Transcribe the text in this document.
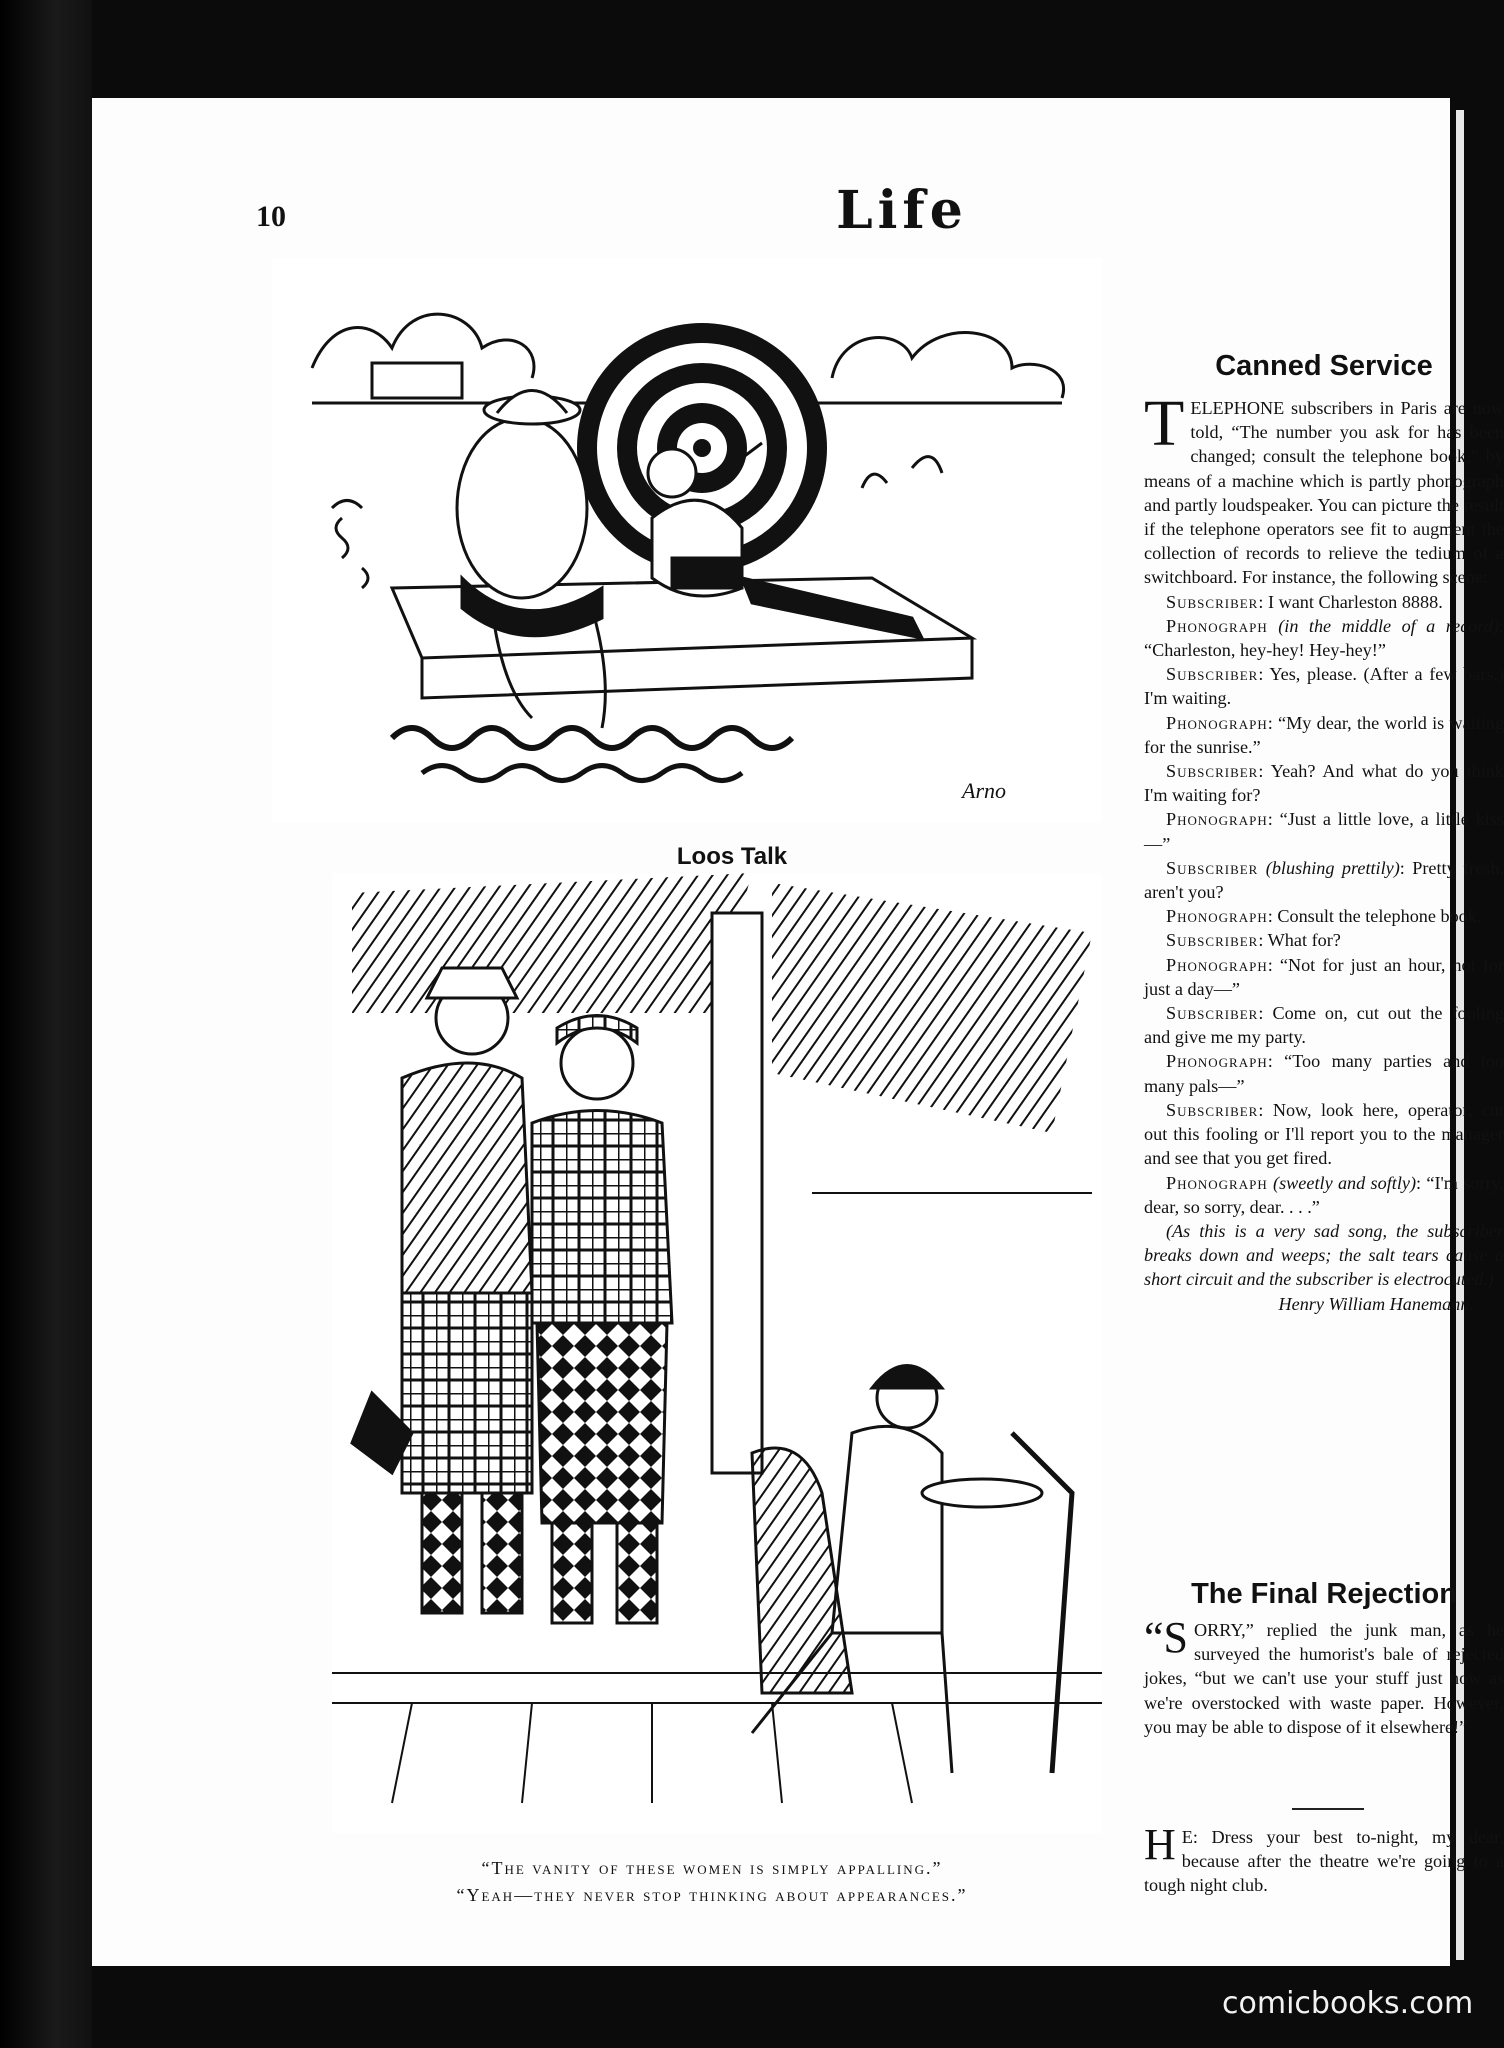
10	Life
Arno
Loos Talk
“The vanity of these women is simply appalling.”
“Yeah—they never stop thinking about appearances.”
Canned Service

TELEPHONE subscribers in Paris are now told, “The number you ask for has been changed; consult the telephone book,” by means of a machine which is partly phonograph and partly loudspeaker. You can picture the result if the telephone operators see fit to augment the collection of records to relieve the tedium of a switchboard. For instance, the following scene:

Subscriber: I want Charleston 8888.

Phonograph (in the middle of a record): “Charleston, hey-hey! Hey-hey!”

Subscriber: Yes, please. (After a few bars.) I'm waiting.

Phonograph: “My dear, the world is waiting for the sunrise.”

Subscriber: Yeah? And what do you think I'm waiting for?

Phonograph: “Just a little love, a little kiss—”

Subscriber (blushing prettily): Pretty fresh, aren't you?

Phonograph: Consult the telephone book.

Subscriber: What for?

Phonograph: “Not for just an hour, not for just a day—”

Subscriber: Come on, cut out the fooling and give me my party.

Phonograph: “Too many parties and too many pals—”

Subscriber: Now, look here, operator, cut out this fooling or I'll report you to the manager and see that you get fired.

Phonograph (sweetly and softly): “I'm sorry, dear, so sorry, dear. . . .”

(As this is a very sad song, the subscriber breaks down and weeps; the salt tears cause a short circuit and the subscriber is electrocuted.)

Henry William Hanemann.

The Final Rejection

“SORRY,” replied the junk man, as he surveyed the humorist's bale of rejected jokes, “but we can't use your stuff just now as we're overstocked with waste paper. However, you may be able to dispose of it elsewhere!”

H E: Dress your best to-night, my dear, because after the theatre we're going to a tough night club.

comicbooks.com
